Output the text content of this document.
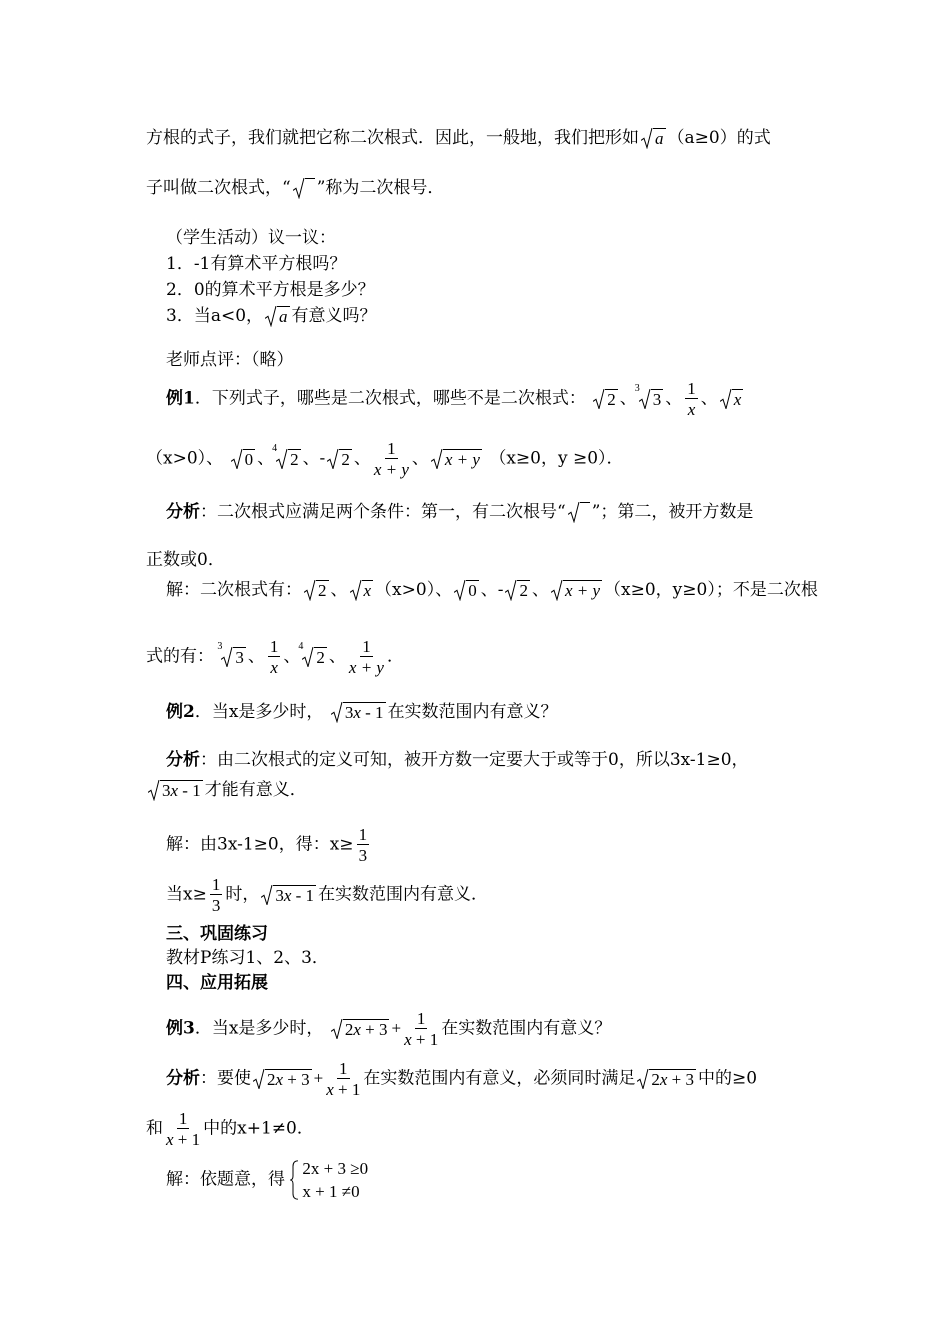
方根的式子，我们就把它称二次根式．因此，一般地，我们把形如 a （a≥0）的式
子叫做二次根式，“ ”称为二次根号．
（学生活动）议一议：
1．-1有算术平方根吗？
2．0的算术平方根是多少？
3．当a<0， a 有意义吗？
老师点评：（略）
例1．下列式子，哪些是二次根式，哪些不是二次根式： 2 、
3
3 、 $\frac{1}{x}$ 、 x
（x>0）、 0 、
4
2 、- 2 、 $\frac{1}{x + y}$ 、 x + y （x≥0，y ≥0）．
分析：二次根式应满足两个条件：第一，有二次根号“ ”；第二，被开方数是
正数或0．
解：二次根式有： 2 、 x （x>0）、 0 、- 2 、 x + y （x≥0，y≥0）；不是二次根
式的有：
3
3 、 $\frac{1}{x}$ 、
4
2 、 $\frac{1}{x + y}$ ．
例2．当x是多少时， 3x - 1 在实数范围内有意义？
分析：由二次根式的定义可知，被开方数一定要大于或等于0，所以3x-1≥0，
3x - 1 才能有意义．
解：由3x-1≥0，得：$x\ge \frac{1}{3}$
当$x\ge \frac{1}{3}$ 时， 3x - 1 在实数范围内有意义．
三、巩固练习
教材P练习1、2、3．
四、应用拓展
例3．当x是多少时， $2x + 3 + \frac{1}{x + 1}$ 在实数范围内有意义？
分析：要使 $2x + 3 + \frac{1}{x + 1}$ 在实数范围内有意义，必须同时满足 2x + 3 中的≥0
和 $\frac{1}{x + 1}$ 中的x+1≠0．
解：依题意，得
2x + 3 ≥0
x + 1 ≠0
